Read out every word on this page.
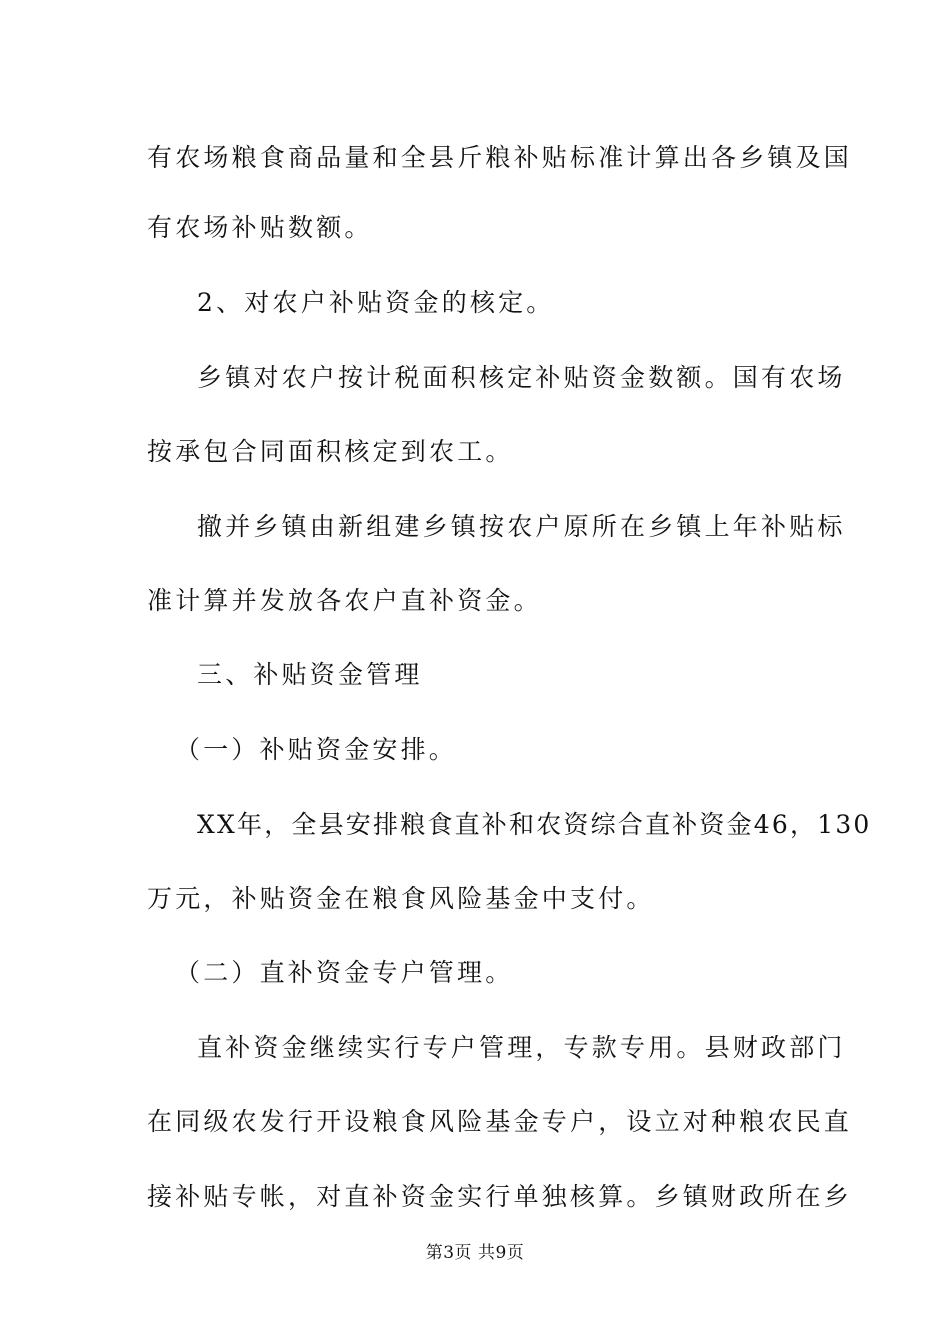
有农场粮食商品量和全县斤粮补贴标准计算出各乡镇及国
有农场补贴数额。
2、对农户补贴资金的核定。
乡镇对农户按计税面积核定补贴资金数额。国有农场
按承包合同面积核定到农工。
撤并乡镇由新组建乡镇按农户原所在乡镇上年补贴标
准计算并发放各农户直补资金。
三、补贴资金管理
（一）补贴资金安排。
XX年，全县安排粮食直补和农资综合直补资金46，130
万元，补贴资金在粮食风险基金中支付。
（二）直补资金专户管理。
直补资金继续实行专户管理，专款专用。县财政部门
在同级农发行开设粮食风险基金专户，设立对种粮农民直
接补贴专帐，对直补资金实行单独核算。乡镇财政所在乡
第3页 共9页
